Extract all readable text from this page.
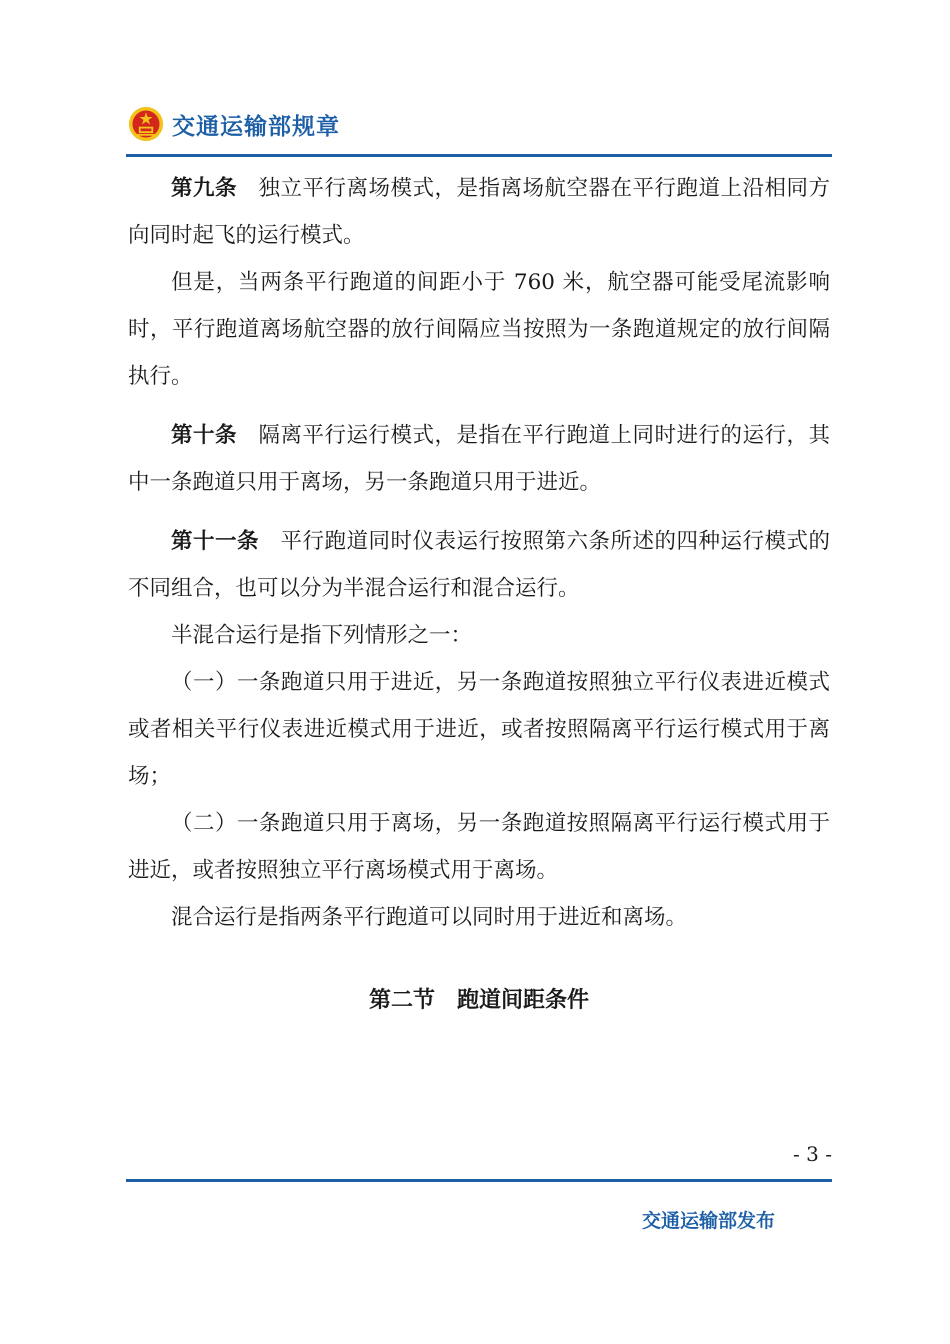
交通运输部规章

第九条 独立平行离场模式，是指离场航空器在平行跑道上沿相同方向同时起飞的运行模式。

但是，当两条平行跑道的间距小于 760 米，航空器可能受尾流影响时，平行跑道离场航空器的放行间隔应当按照为一条跑道规定的放行间隔执行。

第十条 隔离平行运行模式，是指在平行跑道上同时进行的运行，其中一条跑道只用于离场，另一条跑道只用于进近。

第十一条 平行跑道同时仪表运行按照第六条所述的四种运行模式的不同组合，也可以分为半混合运行和混合运行。

半混合运行是指下列情形之一：

（一）一条跑道只用于进近，另一条跑道按照独立平行仪表进近模式或者相关平行仪表进近模式用于进近，或者按照隔离平行运行模式用于离场；

（二）一条跑道只用于离场，另一条跑道按照隔离平行运行模式用于进近，或者按照独立平行离场模式用于离场。

混合运行是指两条平行跑道可以同时用于进近和离场。

第二节　跑道间距条件
- 3 -
交通运输部发布
